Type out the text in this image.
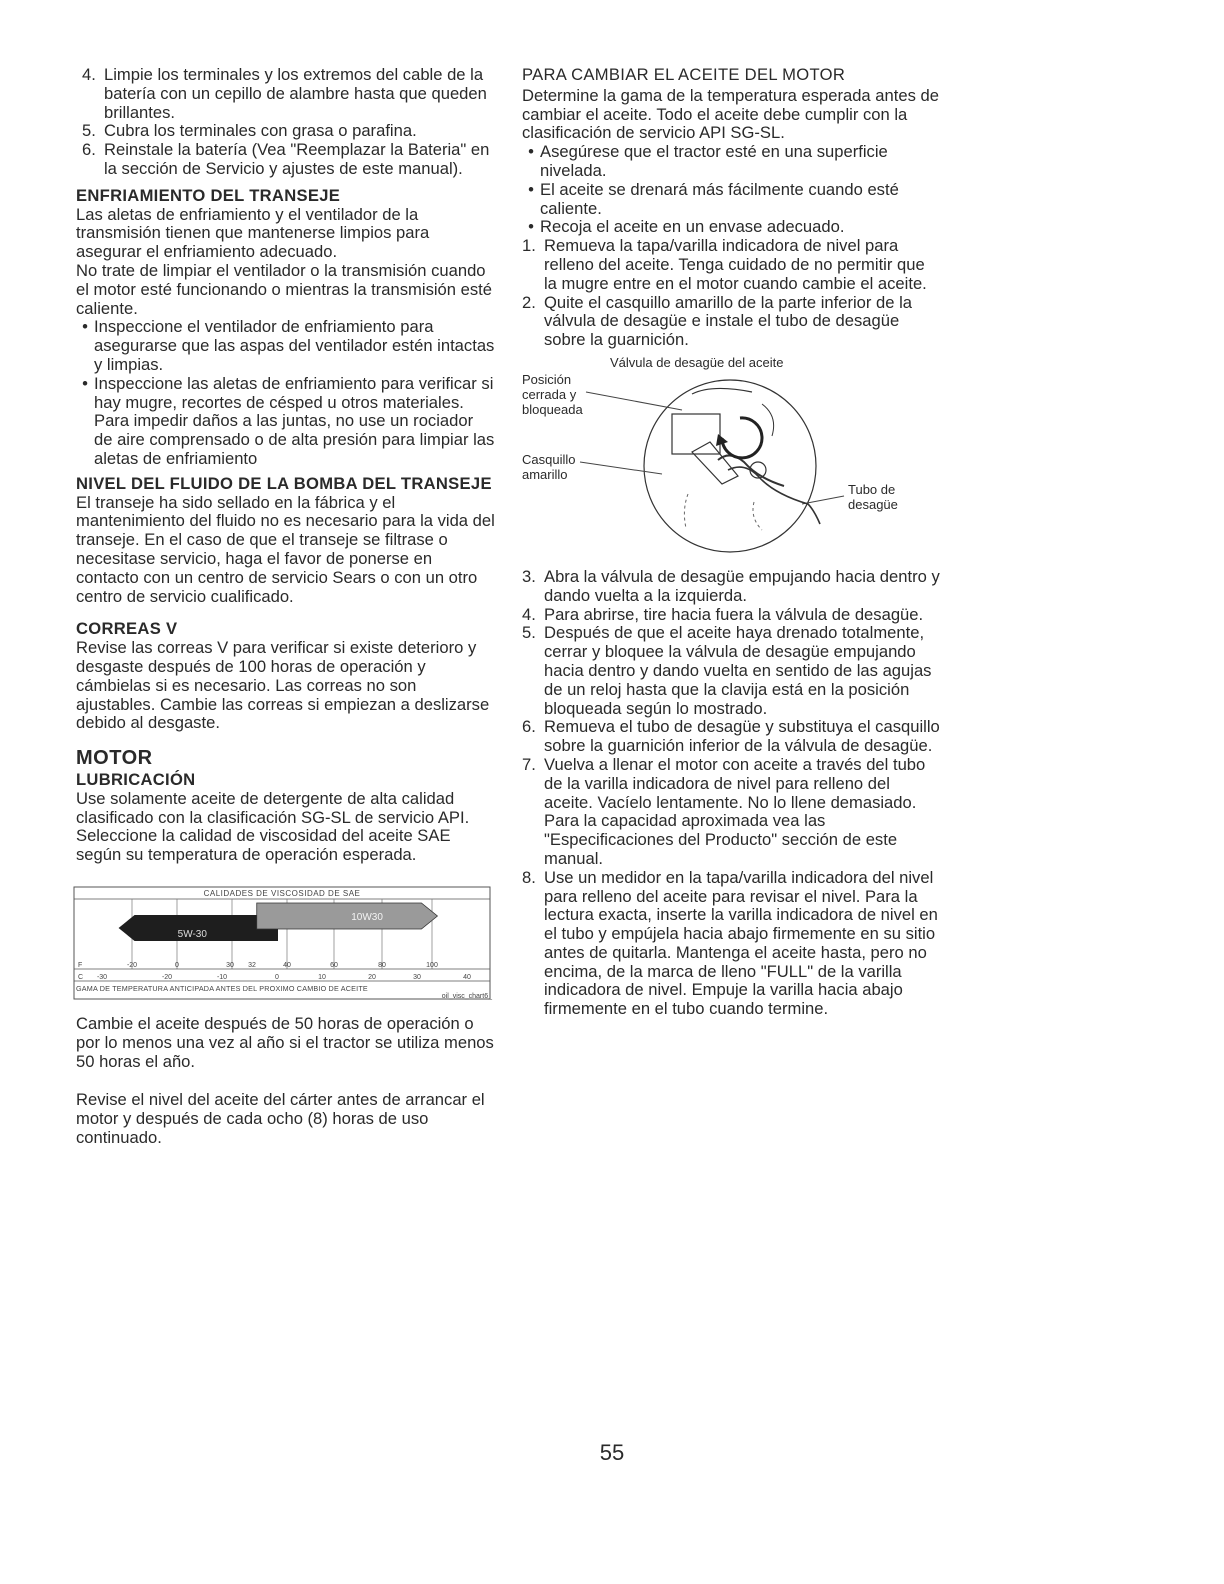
4. Limpie los terminales y los extremos del cable de la batería con un cepillo de alambre hasta que queden brillantes.
5. Cubra los terminales con grasa o parafina.
6. Reinstale la batería (Vea "Reemplazar la Bateria" en la sección de Servicio y ajustes de este manual).
ENFRIAMIENTO DEL TRANSEJE

Las aletas de enfriamiento y el ventilador de la transmisión tienen que mantenerse limpios para asegurar el enfriamiento adecuado.

No trate de limpiar el ventilador o la transmisión cuando el motor esté funcionando o mientras la transmisión esté caliente.

• Inspeccione el ventilador de enfriamiento para asegurarse que las aspas del ventilador estén intactas y limpias.
• Inspeccione las aletas de enfriamiento para verificar si hay mugre, recortes de césped u otros materiales. Para impedir daños a las juntas, no use un rociador de aire comprensado o de alta presión para limpiar las aletas de enfriamiento
NIVEL DEL FLUIDO DE LA BOMBA DEL TRANSEJE

El transeje ha sido sellado en la fábrica y el mantenimiento del fluido no es necesario para la vida del transeje. En el caso de que el transeje se filtrase o necesitase servicio, haga el favor de ponerse en contacto con un centro de servicio Sears o con un otro centro de servicio cualificado.

CORREAS V

Revise las correas V para verificar si existe deterioro y desgaste después de 100 horas de operación y cámbielas si es necesario. Las correas no son ajustables. Cambie las correas si empiezan a deslizarse debido al desgaste.

MOTOR
LUBRICACIÓN

Use solamente aceite de detergente de alta calidad clasificado con la clasificación SG-SL de servicio API. Seleccione la calidad de viscosidad del aceite SAE según su temperatura de operación esperada.

CALIDADES DE VISCOSIDAD DE SAE
5W-30
10W30
F	-20	0	30 32	40	60	80	100
C -30	-20	-10	0	10	20	30	40
GAMA DE TEMPERATURA ANTICIPADA ANTES DEL PROXIMO CAMBIO DE ACEITE
oil_visc_chart6_

Cambie el aceite después de 50 horas de operación o por lo menos una vez al año si el tractor se utiliza menos 50 horas el año.

Revise el nivel del aceite del cárter antes de arrancar el motor y después de cada ocho (8) horas de uso continuado.

PARA CAMBIAR EL ACEITE DEL MOTOR

Determine la gama de la temperatura esperada antes de cambiar el aceite. Todo el aceite debe cumplir con la clasificación de servicio API SG-SL.

• Asegúrese que el tractor esté en una superficie nivelada.
• El aceite se drenará más fácilmente cuando esté caliente.
• Recoja el aceite en un envase adecuado.
1. Remueva la tapa/varilla indicadora de nivel para relleno del aceite. Tenga cuidado de no permitir que la mugre entre en el motor cuando cambie el aceite.
2. Quite el casquillo amarillo de la parte inferior de la válvula de desagüe e instale el tubo de desagüe sobre la guarnición.
Válvula de desagüe del aceite
Posición cerrada y bloqueada
Casquillo amarillo
Tubo de desagüe
3. Abra la válvula de desagüe empujando hacia dentro y dando vuelta a la izquierda.
4. Para abrirse, tire hacia fuera la válvula de desagüe.
5. Después de que el aceite haya drenado totalmente, cerrar y bloquee la válvula de desagüe empujando hacia dentro y dando vuelta en sentido de las agujas de un reloj hasta que la clavija está en la posición bloqueada según lo mostrado.
6. Remueva el tubo de desagüe y substituya el casquillo sobre la guarnición inferior de la válvula de desagüe.
7. Vuelva a llenar el motor con aceite a través del tubo de la varilla indicadora de nivel para relleno del aceite. Vacíelo lentamente. No lo llene demasiado. Para la capacidad aproximada vea las "Especificaciones del Producto" sección de este manual.
8. Use un medidor en la tapa/varilla indicadora del nivel para relleno del aceite para revisar el nivel. Para la lectura exacta, inserte la varilla indicadora de nivel en el tubo y empújela hacia abajo firmemente en su sitio antes de quitarla. Mantenga el aceite hasta, pero no encima, de la marca de lleno "FULL" de la varilla indicadora de nivel. Empuje la varilla hacia abajo firmemente en el tubo cuando termine.
55
